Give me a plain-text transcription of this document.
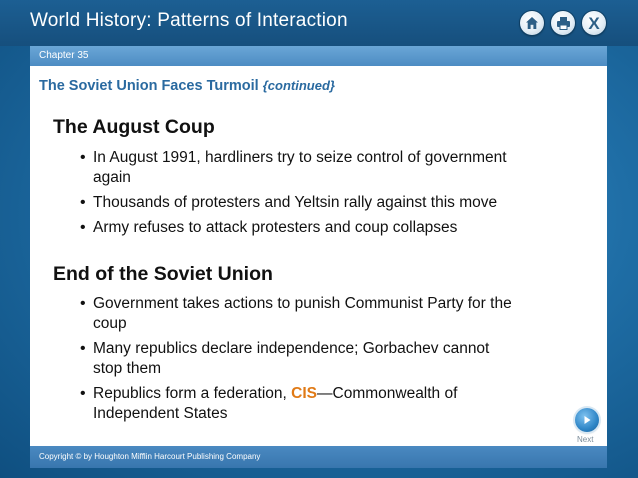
World History: Patterns of Interaction	X
Chapter 35
The Soviet Union Faces Turmoil {continued}
The August Coup
• In August 1991, hardliners try to seize control of government again
• Thousands of protesters and Yeltsin rally against this move
• Army refuses to attack protesters and coup collapses
End of the Soviet Union
• Government takes actions to punish Communist Party for the coup
• Many republics declare independence; Gorbachev cannot stop them
• Republics form a federation, CIS—Commonwealth of Independent States
Next
Copyright © by Houghton Mifflin Harcourt Publishing Company
